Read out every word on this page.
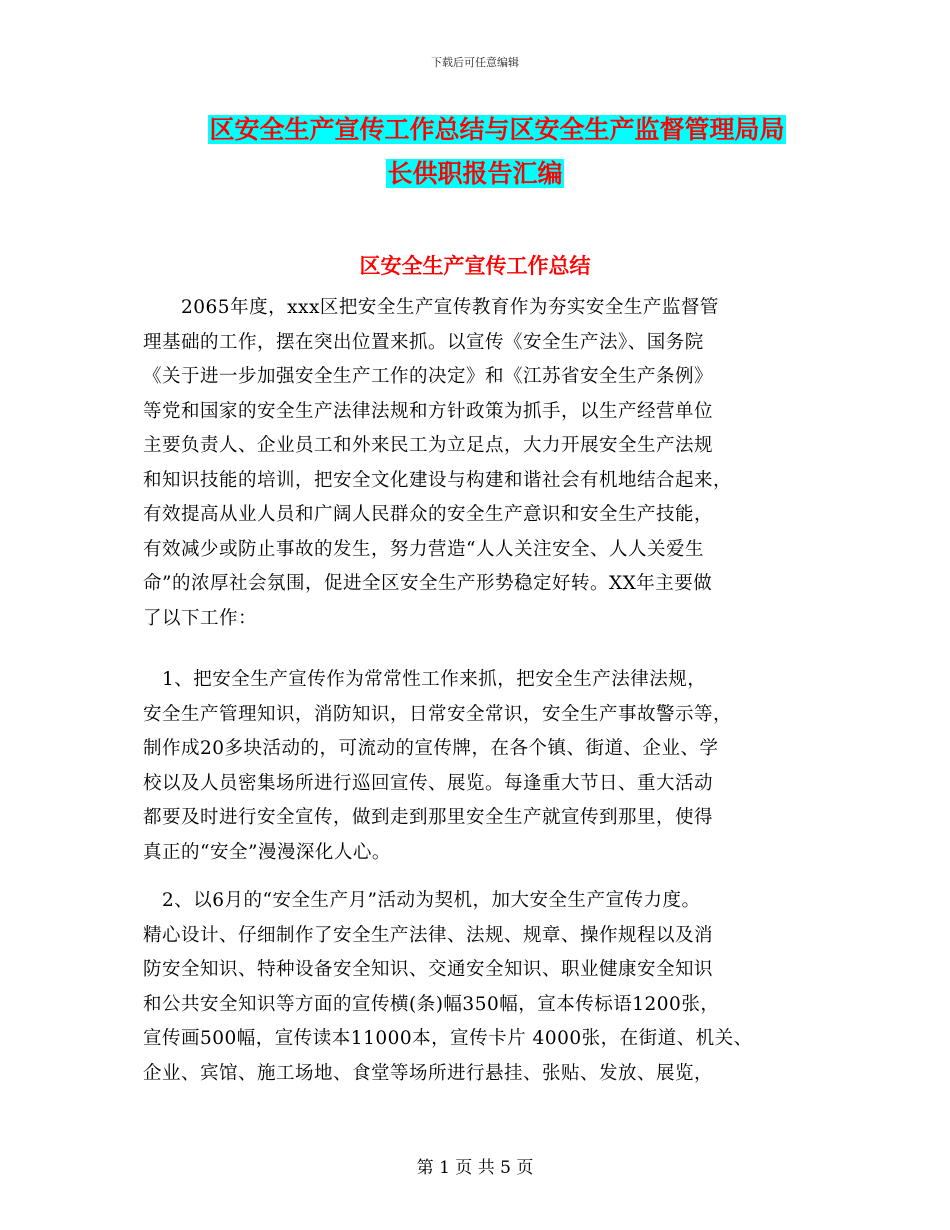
下载后可任意编辑
区安全生产宣传工作总结与区安全生产监督管理局局
长供职报告汇编
区安全生产宣传工作总结
　　2065年度，xxx区把安全生产宣传教育作为夯实安全生产监督管
理基础的工作，摆在突出位置来抓。以宣传《安全生产法》、国务院
《关于进一步加强安全生产工作的决定》和《江苏省安全生产条例》
等党和国家的安全生产法律法规和方针政策为抓手，以生产经营单位
主要负责人、企业员工和外来民工为立足点，大力开展安全生产法规
和知识技能的培训，把安全文化建设与构建和谐社会有机地结合起来，
有效提高从业人员和广阔人民群众的安全生产意识和安全生产技能，
有效减少或防止事故的发生，努力营造“人人关注安全、人人关爱生
命”的浓厚社会氛围，促进全区安全生产形势稳定好转。XX年主要做
了以下工作：
　1、把安全生产宣传作为常常性工作来抓，把安全生产法律法规，
安全生产管理知识，消防知识，日常安全常识，安全生产事故警示等，
制作成20多块活动的，可流动的宣传牌，在各个镇、街道、企业、学
校以及人员密集场所进行巡回宣传、展览。每逢重大节日、重大活动
都要及时进行安全宣传，做到走到那里安全生产就宣传到那里，使得
真正的“安全”漫漫深化人心。
　2、以6月的“安全生产月”活动为契机，加大安全生产宣传力度。
精心设计、仔细制作了安全生产法律、法规、规章、操作规程以及消
防安全知识、特种设备安全知识、交通安全知识、职业健康安全知识
和公共安全知识等方面的宣传横(条)幅350幅，宣本传标语1200张，
宣传画500幅，宣传读本11000本，宣传卡片 4000张，在街道、机关、
企业、宾馆、施工场地、食堂等场所进行悬挂、张贴、发放、展览，
第 1 页 共 5 页
